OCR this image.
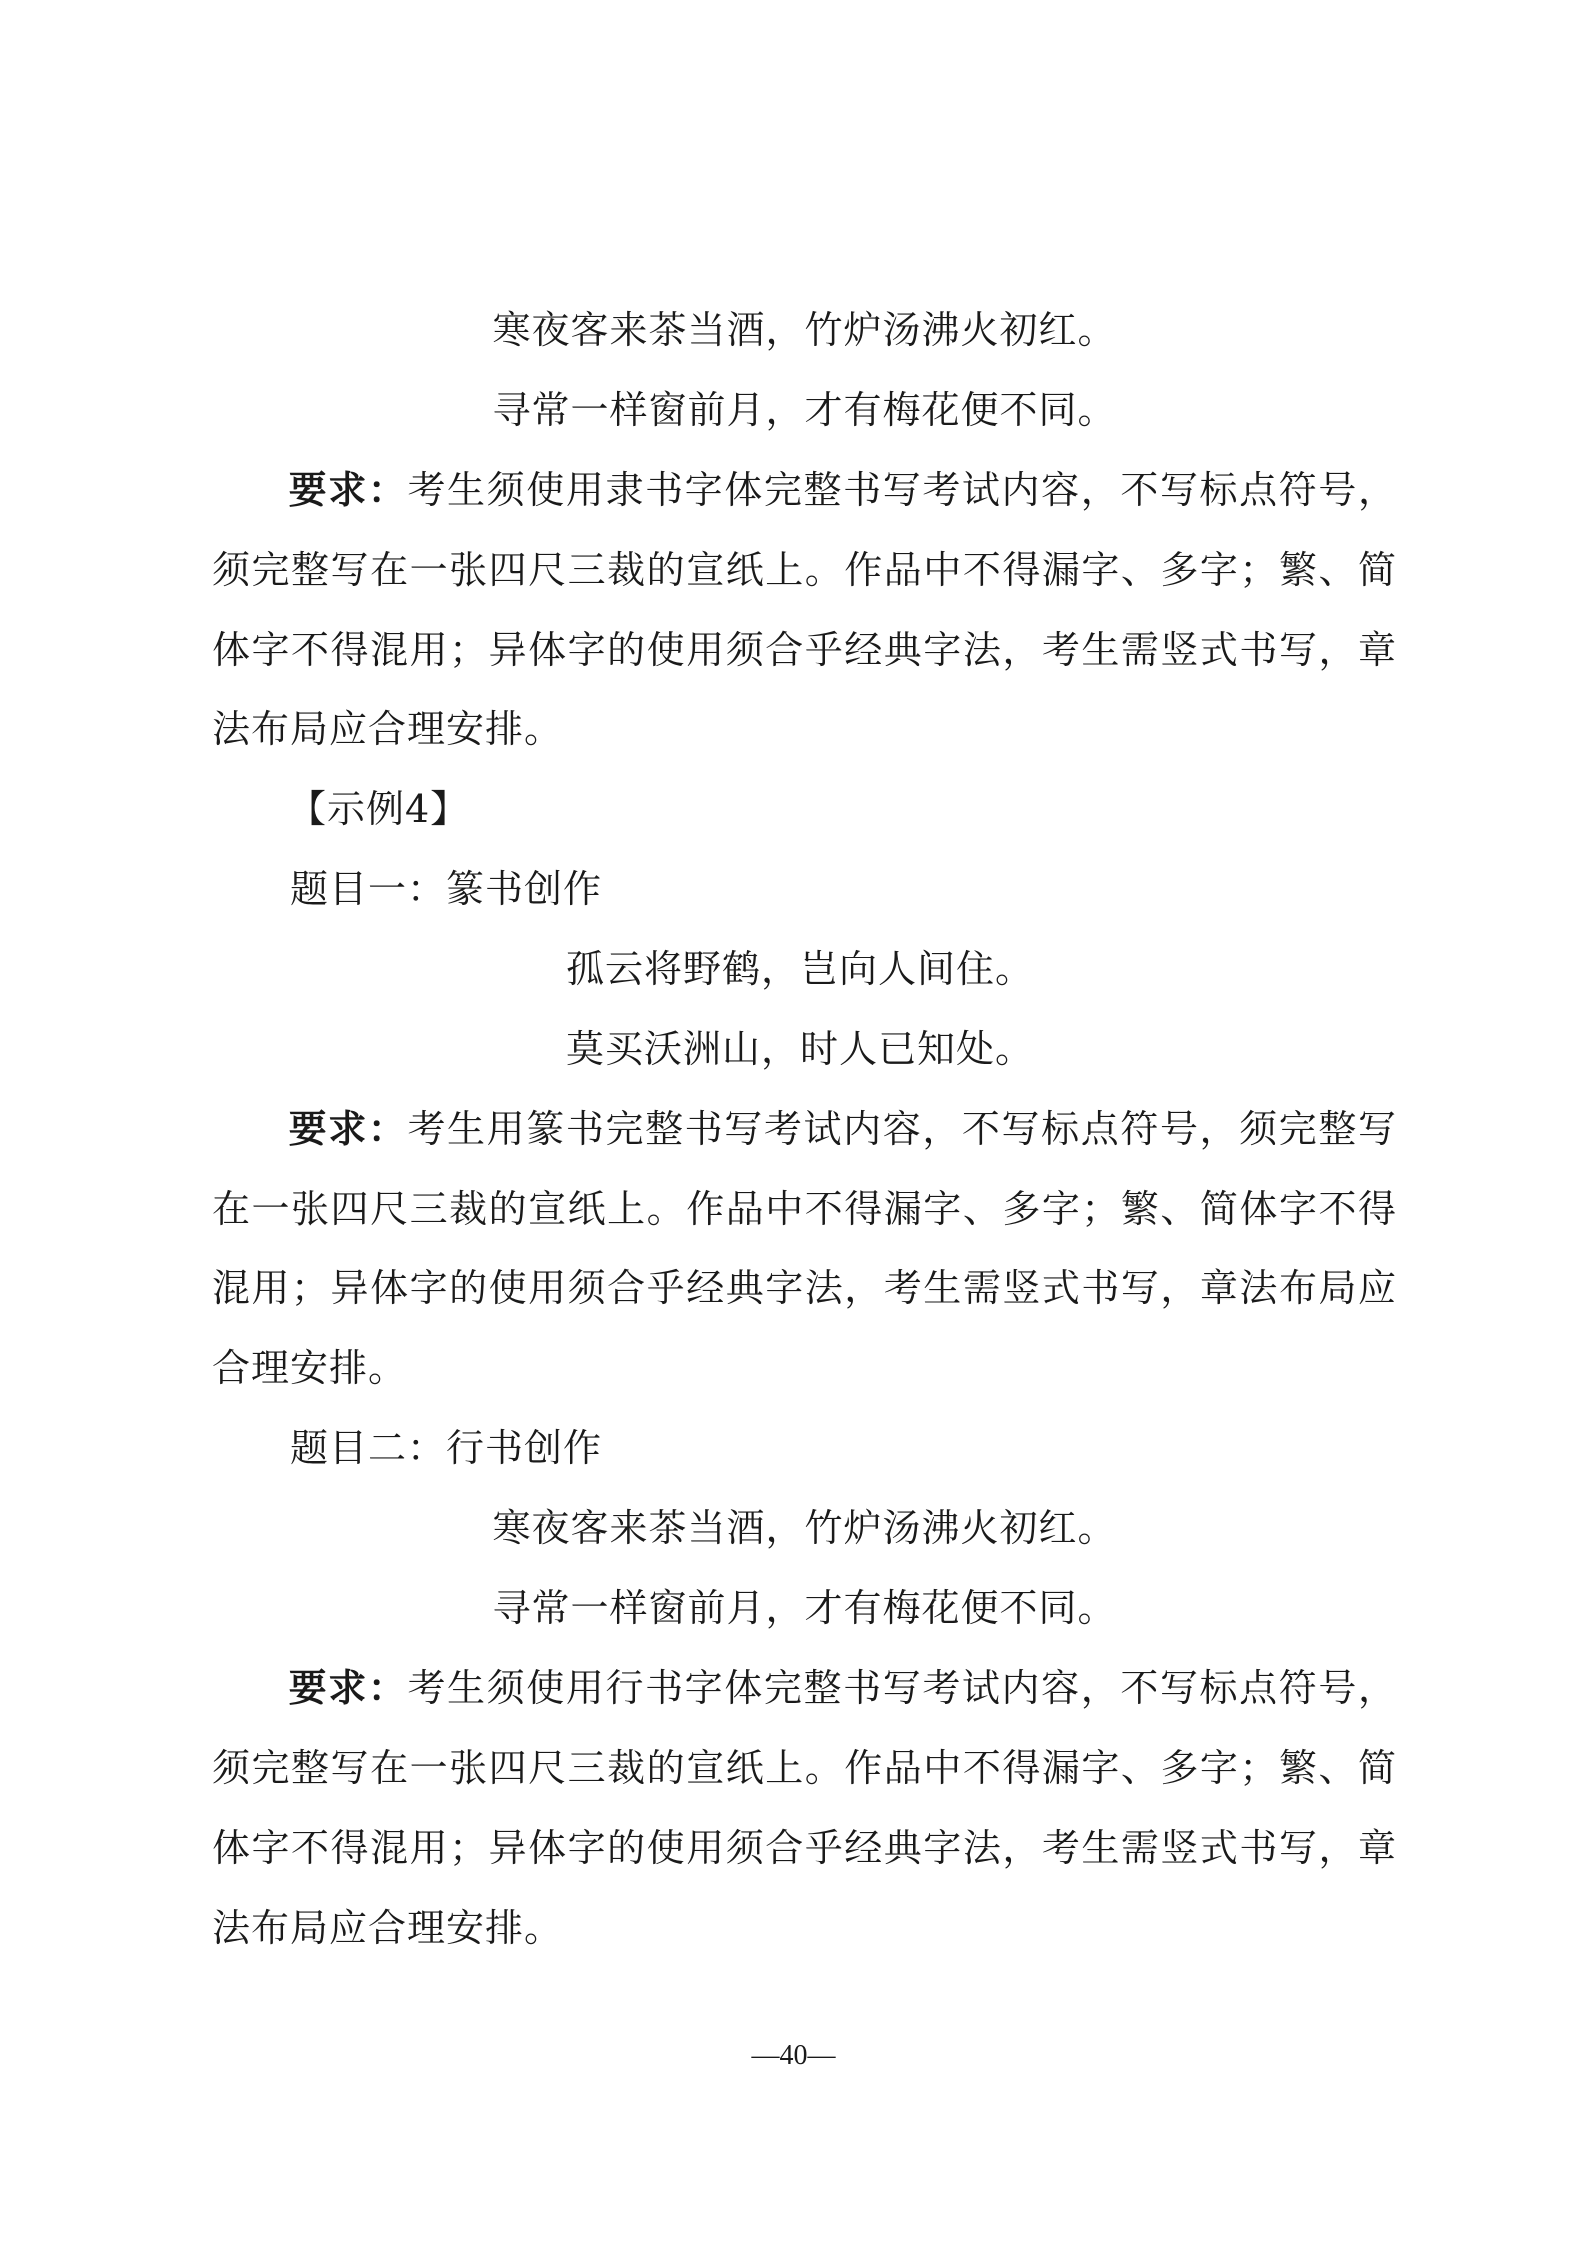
寒夜客来茶当酒，竹炉汤沸火初红。
寻常一样窗前月，才有梅花便不同。
要求：考生须使用隶书字体完整书写考试内容，不写标点符号，
须完整写在一张四尺三裁的宣纸上。作品中不得漏字、多字；繁、简
体字不得混用；异体字的使用须合乎经典字法，考生需竖式书写，章
法布局应合理安排。
【示例4】
题目一：篆书创作
孤云将野鹤，岂向人间住。
莫买沃洲山，时人已知处。
要求：考生用篆书完整书写考试内容，不写标点符号，须完整写
在一张四尺三裁的宣纸上。作品中不得漏字、多字；繁、简体字不得
混用；异体字的使用须合乎经典字法，考生需竖式书写，章法布局应
合理安排。
题目二：行书创作
寒夜客来茶当酒，竹炉汤沸火初红。
寻常一样窗前月，才有梅花便不同。
要求：考生须使用行书字体完整书写考试内容，不写标点符号，
须完整写在一张四尺三裁的宣纸上。作品中不得漏字、多字；繁、简
体字不得混用；异体字的使用须合乎经典字法，考生需竖式书写，章
法布局应合理安排。
—40—
